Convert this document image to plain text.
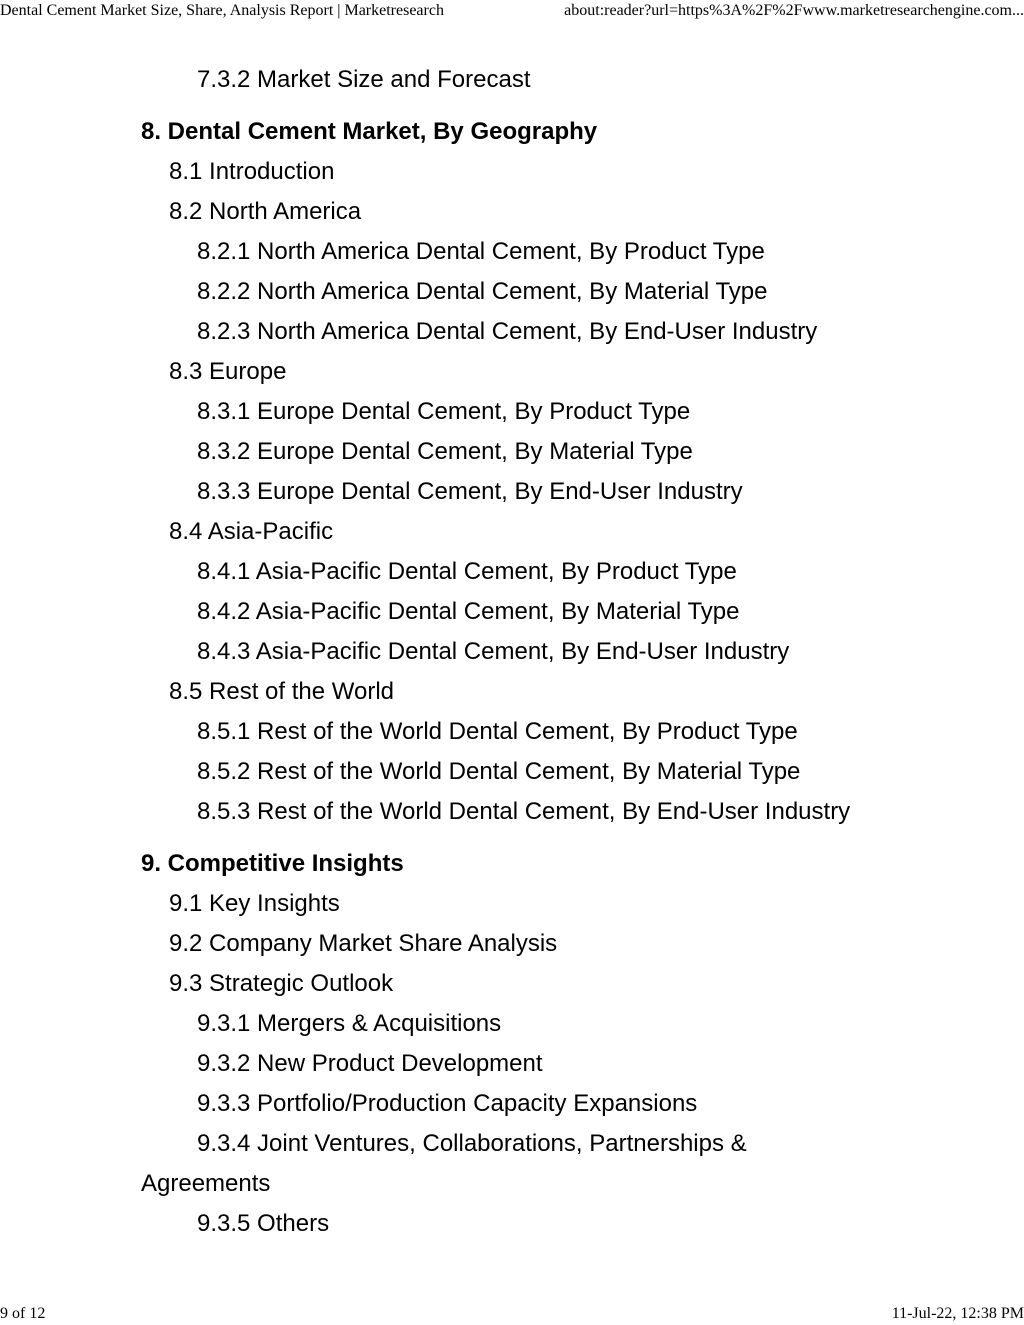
Dental Cement Market Size, Share, Analysis Report | Marketresearch	about:reader?url=https%3A%2F%2Fwww.marketresearchengine.com...
7.3.2 Market Size and Forecast
8. Dental Cement Market, By Geography
8.1 Introduction
8.2 North America
8.2.1 North America Dental Cement, By Product Type
8.2.2 North America Dental Cement, By Material Type
8.2.3 North America Dental Cement, By End-User Industry
8.3 Europe
8.3.1 Europe Dental Cement, By Product Type
8.3.2 Europe Dental Cement, By Material Type
8.3.3 Europe Dental Cement, By End-User Industry
8.4 Asia-Pacific
8.4.1 Asia-Pacific Dental Cement, By Product Type
8.4.2 Asia-Pacific Dental Cement, By Material Type
8.4.3 Asia-Pacific Dental Cement, By End-User Industry
8.5 Rest of the World
8.5.1 Rest of the World Dental Cement, By Product Type
8.5.2 Rest of the World Dental Cement, By Material Type
8.5.3 Rest of the World Dental Cement, By End-User Industry
9. Competitive Insights
9.1 Key Insights
9.2 Company Market Share Analysis
9.3 Strategic Outlook
9.3.1 Mergers & Acquisitions
9.3.2 New Product Development
9.3.3 Portfolio/Production Capacity Expansions
9.3.4 Joint Ventures, Collaborations, Partnerships & Agreements
9.3.5 Others
9 of 12	11-Jul-22, 12:38 PM
